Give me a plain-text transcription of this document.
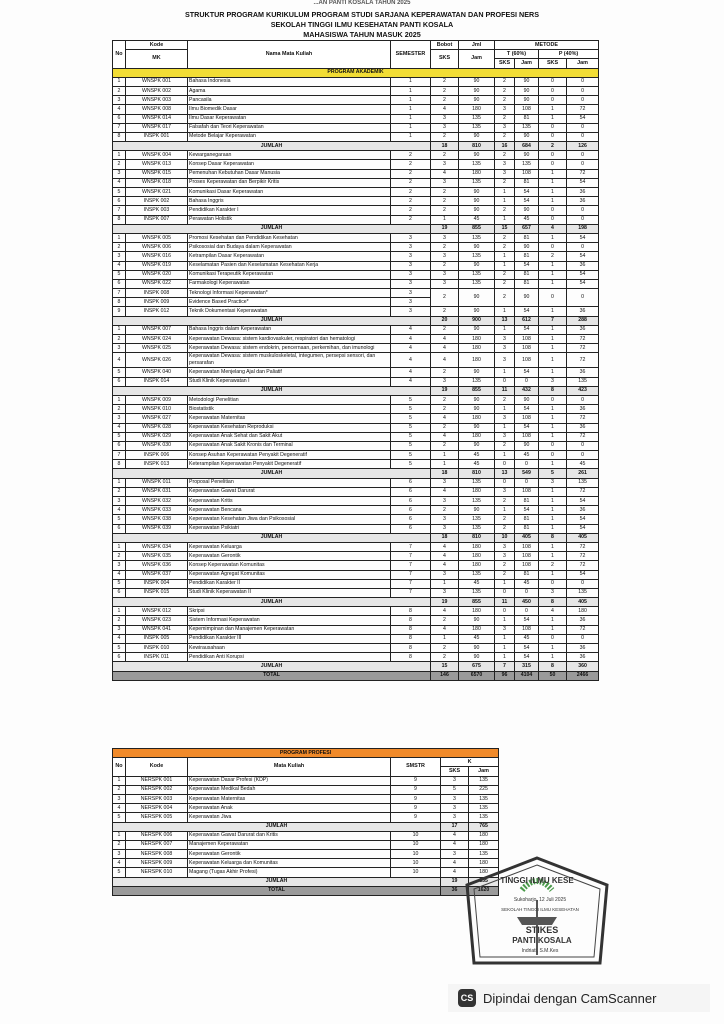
...AN PANTI KOSALA TAHUN 2025
STRUKTUR PROGRAM KURIKULUM PROGRAM STUDI SARJANA KEPERAWATAN DAN PROFESI NERS
SEKOLAH TINGGI ILMU KESEHATAN PANTI KOSALA
MAHASISWA TAHUN MASUK 2025
No	Kode	Nama Mata Kuliah	SEMESTER	Bobot	Jml	METODE			
	MK			SKS	Jam	T (60%)		P (40%)	
						SKS	Jam	SKS	Jam
PROGRAM AKADEMIK									
1	WNSPK 001	Bahasa Indonesia	1	2	90	2	90	0	0
2	WNSPK 002	Agama	1	2	90	2	90	0	0
3	WNSPK 003	Pancasila	1	2	90	2	90	0	0
4	WNSPK 008	Ilmu Biomedik Dasar	1	4	180	3	108	1	72
6	WNSPK 014	Ilmu Dasar Keperawatan	1	3	135	2	81	1	54
7	WNSPK 017	Falsafah dan Teori Keperawatan	1	3	135	3	135	0	0
8	INSPK 001	Metode Belajar Keperawatan	1	2	90	2	90	0	0
JUMLAH				18	810	16	684	2	126
1	WNSPK 004	Kewarganegaraan	2	2	90	2	90	0	0
2	WNSPK 013	Konsep Dasar Keperawatan	2	3	135	3	135	0	0
3	WNSPK 015	Pemenuhan Kebutuhan Dasar Manusia	2	4	180	3	108	1	72
4	WNSPK 018	Proses Keperawatan dan Berpikir Kritis	2	3	135	2	81	1	54
5	WNSPK 021	Komunikasi Dasar Keperawatan	2	2	90	1	54	1	36
6	INSPK 002	Bahasa Inggris	2	2	90	1	54	1	36
7	INSPK 003	Pendidikan Karakter I	2	2	90	2	90	0	0
8	INSPK 007	Perawatan Holistik	2	1	45	1	45	0	0
JUMLAH				19	855	15	657	4	198
1	WNSPK 005	Promosi Kesehatan dan Pendidikan Kesehatan	3	3	135	2	81	1	54
2	WNSPK 006	Psikososial dan Budaya dalam Keperawatan	3	2	90	2	90	0	0
3	WNSPK 016	Ketrampilan Dasar Keperawatan	3	3	135	1	81	2	54
4	WNSPK 019	Keselamatan Pasien dan Keselamatan Kesehatan Kerja	3	2	90	1	54	1	36
5	WNSPK 020	Komunikasi Terapeutik Keperawatan	3	3	135	2	81	1	54
6	WNSPK 022	Farmakologi Keperawatan	3	3	135	2	81	1	54
7	INSPK 008	Teknologi Informasi Keperawatan*	3	2	90	2	90	0	0
8	INSPK 009	Evidence Based Practice*	3						
9	INSPK 012	Teknik Dokumentasi Keperawatan	3	2	90	1	54	1	36
JUMLAH				20	900	13	612	7	288
1	WNSPK 007	Bahasa Inggris dalam Keperawatan	4	2	90	1	54	1	36
2	WNSPK 024	Keperawatan Dewasa: sistem kardiovaskuler, respiratori dan hematologi	4	4	180	3	108	1	72
3	WNSPK 025	Keperawatan Dewasa: sistem endokrin, pencernaan, perkemihan, dan imunologi	4	4	180	3	108	1	72
4	WNSPK 026	Keperawatan Dewasa: sistem muskuloskeletal, integumen, persepsi sensori, dan persarafan	4	4	180	3	108	1	72
5	WNSPK 040	Keperawatan Menjelang Ajal dan Paliatif	4	2	90	1	54	1	36
6	INSPK 014	Studi Klinik Keperawatan I	4	3	135	0	0	3	135
JUMLAH				19	855	11	432	8	423
1	WNSPK 009	Metodologi Penelitian	5	2	90	2	90	0	0
2	WNSPK 010	Biostatistik	5	2	90	1	54	1	36
3	WNSPK 027	Keperawatan Maternitas	5	4	180	3	108	1	72
4	WNSPK 028	Keperawatan Kesehatan Reproduksi	5	2	90	1	54	1	36
5	WNSPK 029	Keperawatan Anak Sehat dan Sakit Akut	5	4	180	3	108	1	72
6	WNSPK 030	Keperawatan Anak Sakit Kronis dan Terminal	5	2	90	2	90	0	0
7	INSPK 006	Konsep Asuhan Keperawatan Penyakit Degeneratif	5	1	45	1	45	0	0
8	INSPK 013	Keterampilan Keperawatan Penyakit Degeneratif	5	1	45	0	0	1	45
JUMLAH				18	810	13	549	5	261
1	WNSPK 011	Proposal Penelitian	6	3	135	0	0	3	135
2	WNSPK 031	Keperawatan Gawat Darurat	6	4	180	3	108	1	72
3	WNSPK 032	Keperawatan Kritis	6	3	135	2	81	1	54
4	WNSPK 033	Keperawatan Bencana	6	2	90	1	54	1	36
5	WNSPK 038	Keperawatan Kesehatan Jiwa dan Psikososial	6	3	135	2	81	1	54
6	WNSPK 039	Keperawatan Psikiatri	6	3	135	2	81	1	54
JUMLAH				18	810	10	405	8	405
1	WNSPK 034	Keperawatan Keluarga	7	4	180	3	108	1	72
2	WNSPK 035	Keperawatan Gerontik	7	4	180	3	108	1	72
3	WNSPK 036	Konsep Keperawatan Komunitas	7	4	180	2	108	2	72
4	WNSPK 037	Keperawatan Agregat Komunitas	7	3	135	2	81	1	54
5	INSPK 004	Pendidikan Karakter II	7	1	45	1	45	0	0
6	INSPK 015	Studi Klinik Keperawatan II	7	3	135	0	0	3	135
JUMLAH				19	855	11	450	8	405
1	WNSPK 012	Skripsi	8	4	180	0	0	4	180
2	WNSPK 023	Sistem Informasi Keperawatan	8	2	90	1	54	1	36
3	WNSPK 041	Kepemimpinan dan Manajemen Keperawatan	8	4	180	3	108	1	72
4	INSPK 005	Pendidikan Karakter III	8	1	45	1	45	0	0
5	INSPK 010	Kewirausahaan	8	2	90	1	54	1	36
6	INSPK 011	Pendidikan Anti Korupsi	8	2	90	1	54	1	36
JUMLAH				15	675	7	315	8	360
TOTAL				146	6570	96	4104	50	2466
PROGRAM PROFESI					
No	Kode	Mata Kuliah	SMSTR	K	
				SKS	Jam
1	NERSPK 001	Keperawatan Dasar Profesi (KDP)	9	3	135
2	NERSPK 002	Keperawatan Medikal Bedah	9	5	225
3	NERSPK 003	Keperawatan Maternitas	9	3	135
4	NERSPK 004	Keperawatan Anak	9	3	135
5	NERSPK 005	Keperawatan Jiwa	9	3	135
JUMLAH				17	765
1	NERSPK 006	Keperawatan Gawat Darurat dan Kritis	10	4	180
2	NERSPK 007	Manajemen Keperawatan	10	4	180
3	NERSPK 008	Keperawatan Gerontik	10	3	135
4	NERSPK 009	Keperawatan Keluarga dan Komunitas	10	4	180
5	NERSPK 010	Magang (Tugas Akhir Profesi)	10	4	180
JUMLAH				19	855
TOTAL				36	1620
TINGGI ILMU KESE
Sukoharjo, 12 Juli 2025
SEKOLAH TINGGI ILMU KESEHATAN
STIKES
PANTI KOSALA
Indriati, S.M.Kes
CS Dipindai dengan CamScanner
